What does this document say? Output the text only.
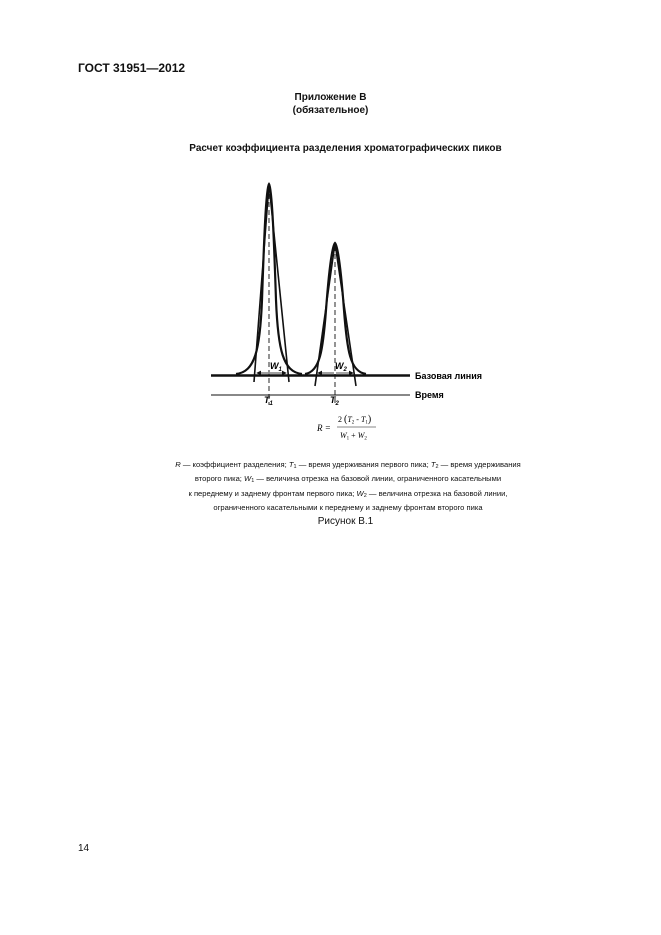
ГОСТ 31951—2012
Приложение В
(обязательное)
Расчет коэффициента разделения хроматографических пиков
$W_1$	$W_2$
$T_1$	$T_2$
Базовая линия
Время
R =
2 (T2 - T1)
W1 + W2
R — коэффициент разделения; $T_1$ — время удерживания первого пика; $T_2$ — время удерживания
второго пика; $W_1$ — величина отрезка на базовой линии, ограниченного касательными
к переднему и заднему фронтам первого пика; $W_2$ — величина отрезка на базовой линии,
ограниченного касательными к переднему и заднему фронтам второго пика
Рисунок В.1
14
